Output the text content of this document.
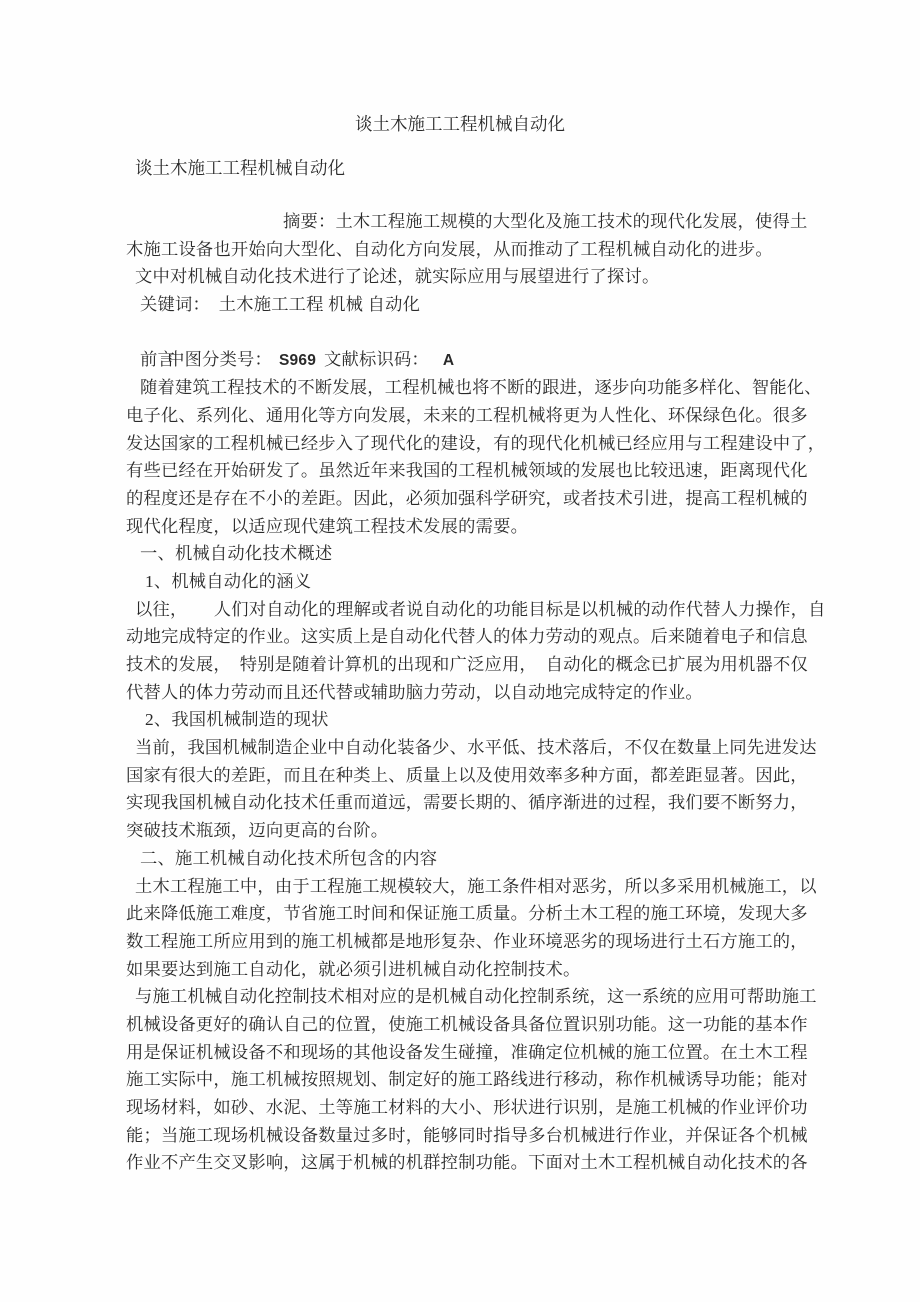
谈土木施工工程机械自动化
谈土木施工工程机械自动化
摘要：土木工程施工规模的大型化及施工技术的现代化发展，使得土
木施工设备也开始向大型化、自动化方向发展，从而推动了工程机械自动化的进步。
文中对机械自动化技术进行了论述，就实际应用与展望进行了探讨。
关键词：　土木施工工程 机械 自动化

中图分类号： S969 文献标识码： A

前言
随着建筑工程技术的不断发展，工程机械也将不断的跟进，逐步向功能多样化、智能化、
电子化、系列化、通用化等方向发展，未来的工程机械将更为人性化、环保绿色化。很多
发达国家的工程机械已经步入了现代化的建设，有的现代化机械已经应用与工程建设中了，
有些已经在开始研发了。虽然近年来我国的工程机械领域的发展也比较迅速，距离现代化
的程度还是存在不小的差距。因此，必须加强科学研究，或者技术引进，提高工程机械的
现代化程度，以适应现代建筑工程技术发展的需要。
一、机械自动化技术概述
1、机械自动化的涵义
以往，　　人们对自动化的理解或者说自动化的功能目标是以机械的动作代替人力操作，自
动地完成特定的作业。这实质上是自动化代替人的体力劳动的观点。后来随着电子和信息
技术的发展，　特别是随着计算机的出现和广泛应用，　自动化的概念已扩展为用机器不仅
代替人的体力劳动而且还代替或辅助脑力劳动，以自动地完成特定的作业。
2、我国机械制造的现状
当前，我国机械制造企业中自动化装备少、水平低、技术落后，不仅在数量上同先进发达
国家有很大的差距，而且在种类上、质量上以及使用效率多种方面，都差距显著。因此，
实现我国机械自动化技术任重而道远，需要长期的、循序渐进的过程，我们要不断努力，
突破技术瓶颈，迈向更高的台阶。
二、施工机械自动化技术所包含的内容
土木工程施工中，由于工程施工规模较大，施工条件相对恶劣，所以多采用机械施工，以
此来降低施工难度，节省施工时间和保证施工质量。分析土木工程的施工环境，发现大多
数工程施工所应用到的施工机械都是地形复杂、作业环境恶劣的现场进行土石方施工的，
如果要达到施工自动化，就必须引进机械自动化控制技术。
与施工机械自动化控制技术相对应的是机械自动化控制系统，这一系统的应用可帮助施工
机械设备更好的确认自己的位置，使施工机械设备具备位置识别功能。这一功能的基本作
用是保证机械设备不和现场的其他设备发生碰撞，准确定位机械的施工位置。在土木工程
施工实际中，施工机械按照规划、制定好的施工路线进行移动，称作机械诱导功能；能对
现场材料，如砂、水泥、土等施工材料的大小、形状进行识别，是施工机械的作业评价功
能；当施工现场机械设备数量过多时，能够同时指导多台机械进行作业，并保证各个机械
作业不产生交叉影响，这属于机械的机群控制功能。下面对土木工程机械自动化技术的各
